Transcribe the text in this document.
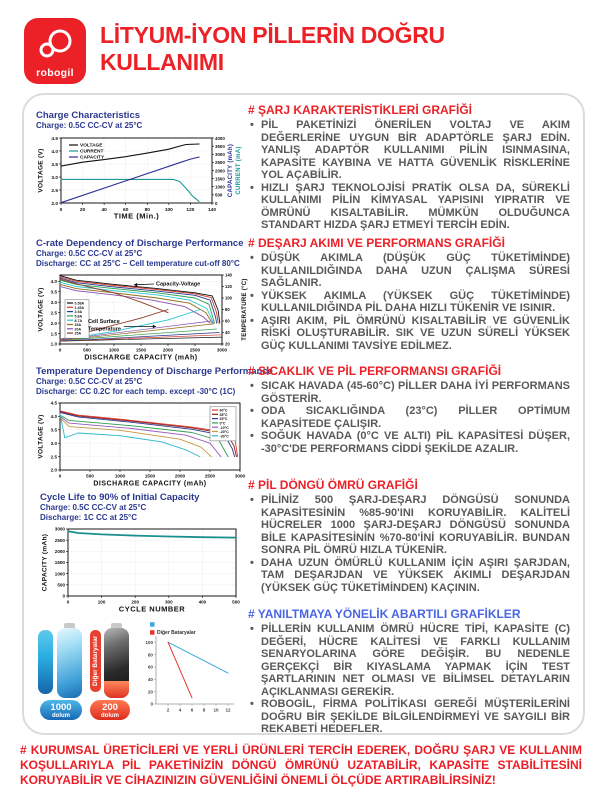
robogil
LİTYUM-İYON PİLLERİN DOĞRU
KULLANIMI
Charge Characteristics
Charge: 0.5C CC-CV at 25°C
0	20	40	60	80	100	120	140
2.0
2.5
3.0
3.5
4.0
4.5
0
500
1000
1500
2000
2500
3000
3500
4000
TIME (Min.)
VOLTAGE (V)	CAPACITY (mAh) CURRENT (mA)
VOLTAGE
CURRENT
CAPACITY
C-rate Dependency of Discharge Performance
Charge: 0.5C CC-CV at 25°C
Discharge: CC at 25°C – Cell temperature cut-off 80°C
0	500	1000	1500	2000	2500	3000
1.0
1.5
2.0
2.5
3.0
3.5
4.0
20
40
60
80
100
120
140
DISCHARGE CAPACITY (mAh)
VOLTAGE (V)	TEMPERATURE (°C)
0.58A
1.45A
2.9A
5.8A
8.7A
15A
20A
25A
Capacity-Voltage
Cell Surface
Temperature
Temperature Dependency of Discharge Performance
Charge: 0.5C CC-CV at 25°C
Discharge: CC 0.2C for each temp. except -30°C (1C)
0	500	1000	1500	2000	2500	3000
2.0
2.5
3.0
3.5
4.0
4.5
DISCHARGE CAPACITY (mAh)
VOLTAGE (V)
60°C
45°C
25°C
0°C
-10°C
-20°C
-30°C
Cycle Life to 90% of Initial Capacity
Charge: 0.5C CC-CV at 25°C
Discharge: 1C CC at 25°C
0	100	200	300	400	500
0
500
1000
1500
2000
2500
3000
CYCLE NUMBER
CAPACITY (mAh)
Diğer Bataryalar
1000
dolum
200
dolum
2 4 6 8 10 12
0
20
40
60
80
100
Diğer Bataryalar
# ŞARJ KARAKTERİSTİKLERİ GRAFİĞİ
• PİL PAKETİNİZİ ÖNERİLEN VOLTAJ VE AKIM DEĞERLERİNE UYGUN BİR ADAPTÖRLE ŞARJ EDİN. YANLIŞ ADAPTÖR KULLANIMI PİLİN ISINMASINA, KAPASİTE KAYBINA VE HATTA GÜVENLİK RİSKLERİNE YOL AÇABİLİR.
• HIZLI ŞARJ TEKNOLOJİSİ PRATİK OLSA DA, SÜREKLİ KULLANIMI PİLİN KİMYASAL YAPISINI YIPRATIR VE ÖMRÜNÜ KISALTABİLİR. MÜMKÜN OLDUĞUNCA STANDART HIZDA ŞARJ ETMEYİ TERCİH EDİN.
# DEŞARJ AKIMI VE PERFORMANS GRAFİĞİ
• DÜŞÜK AKIMLA (DÜŞÜK GÜÇ TÜKETİMİNDE) KULLANILDIĞINDA DAHA UZUN ÇALIŞMA SÜRESİ SAĞLANIR.
• YÜKSEK AKIMLA (YÜKSEK GÜÇ TÜKETİMİNDE) KULLANILDIĞINDA PİL DAHA HIZLI TÜKENİR VE ISINIR.
• AŞIRI AKIM, PİL ÖMRÜNÜ KISALTABİLİR VE GÜVENLİK RİSKİ OLUŞTURABİLİR. SIK VE UZUN SÜRELİ YÜKSEK GÜÇ KULLANIMI TAVSİYE EDİLMEZ.
# SICAKLIK VE PİL PERFORMANSI GRAFİĞİ
• SICAK HAVADA (45-60°C) PİLLER DAHA İYİ PERFORMANS GÖSTERİR.
• ODA SICAKLIĞINDA (23°C) PİLLER OPTİMUM KAPASİTEDE ÇALIŞIR.
• SOĞUK HAVADA (0°C VE ALTI) PİL KAPASİTESİ DÜŞER, -30°C'DE PERFORMANS CİDDİ ŞEKİLDE AZALIR.
# PİL DÖNGÜ ÖMRÜ GRAFİĞİ
• PİLİNİZ 500 ŞARJ-DEŞARJ DÖNGÜSÜ SONUNDA KAPASİTESİNİN %85-90'INI KORUYABİLİR. KALİTELİ HÜCRELER 1000 ŞARJ-DEŞARJ DÖNGÜSÜ SONUNDA BİLE KAPASİTESİNİN %70-80'İNİ KORUYABİLİR. BUNDAN SONRA PİL ÖMRÜ HIZLA TÜKENİR.
• DAHA UZUN ÖMÜRLÜ KULLANIM İÇİN AŞIRI ŞARJDAN, TAM DEŞARJDAN VE YÜKSEK AKIMLI DEŞARJDAN (YÜKSEK GÜÇ TÜKETİMİNDEN) KAÇININ.
# YANILTMAYA YÖNELİK ABARTILI GRAFİKLER
• PİLLERİN KULLANIM ÖMRÜ HÜCRE TİPİ, KAPASİTE (C) DEĞERİ, HÜCRE KALİTESİ VE FARKLI KULLANIM SENARYOLARINA GÖRE DEĞİŞİR. BU NEDENLE GERÇEKÇİ BİR KIYASLAMA YAPMAK İÇİN TEST ŞARTLARININ NET OLMASI VE BİLİMSEL DETAYLARIN AÇIKLANMASI GEREKİR.
• ROBOGİL, FİRMA POLİTİKASI GEREĞİ MÜŞTERİLERİNİ DOĞRU BİR ŞEKİLDE BİLGİLENDİRMEYİ VE SAYGILI BİR REKABETİ HEDEFLER.
# KURUMSAL ÜRETİCİLERİ VE YERLİ ÜRÜNLERİ TERCİH EDEREK, DOĞRU ŞARJ VE KULLANIM KOŞULLARIYLA PİL PAKETİNİZİN DÖNGÜ ÖMRÜNÜ UZATABİLİR, KAPASİTE STABİLİTESİNİ KORUYABİLİR VE CİHAZINIZIN GÜVENLİĞİNİ ÖNEMLİ ÖLÇÜDE ARTIRABİLİRSİNİZ!
